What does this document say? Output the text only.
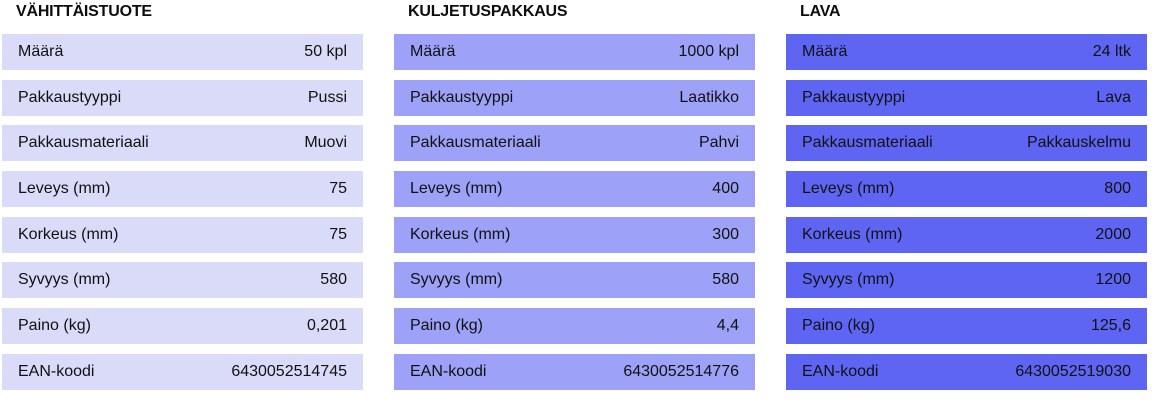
VÄHITTÄISTUOTE
Määrä	50 kpl
Pakkaustyyppi	Pussi
Pakkausmateriaali	Muovi
Leveys (mm)	75
Korkeus (mm)	75
Syvyys (mm)	580
Paino (kg)	0,201
EAN-koodi	6430052514745
KULJETUSPAKKAUS
Määrä	1000 kpl
Pakkaustyyppi	Laatikko
Pakkausmateriaali	Pahvi
Leveys (mm)	400
Korkeus (mm)	300
Syvyys (mm)	580
Paino (kg)	4,4
EAN-koodi	6430052514776
LAVA
Määrä	24 ltk
Pakkaustyyppi	Lava
Pakkausmateriaali	Pakkauskelmu
Leveys (mm)	800
Korkeus (mm)	2000
Syvyys (mm)	1200
Paino (kg)	125,6
EAN-koodi	6430052519030
